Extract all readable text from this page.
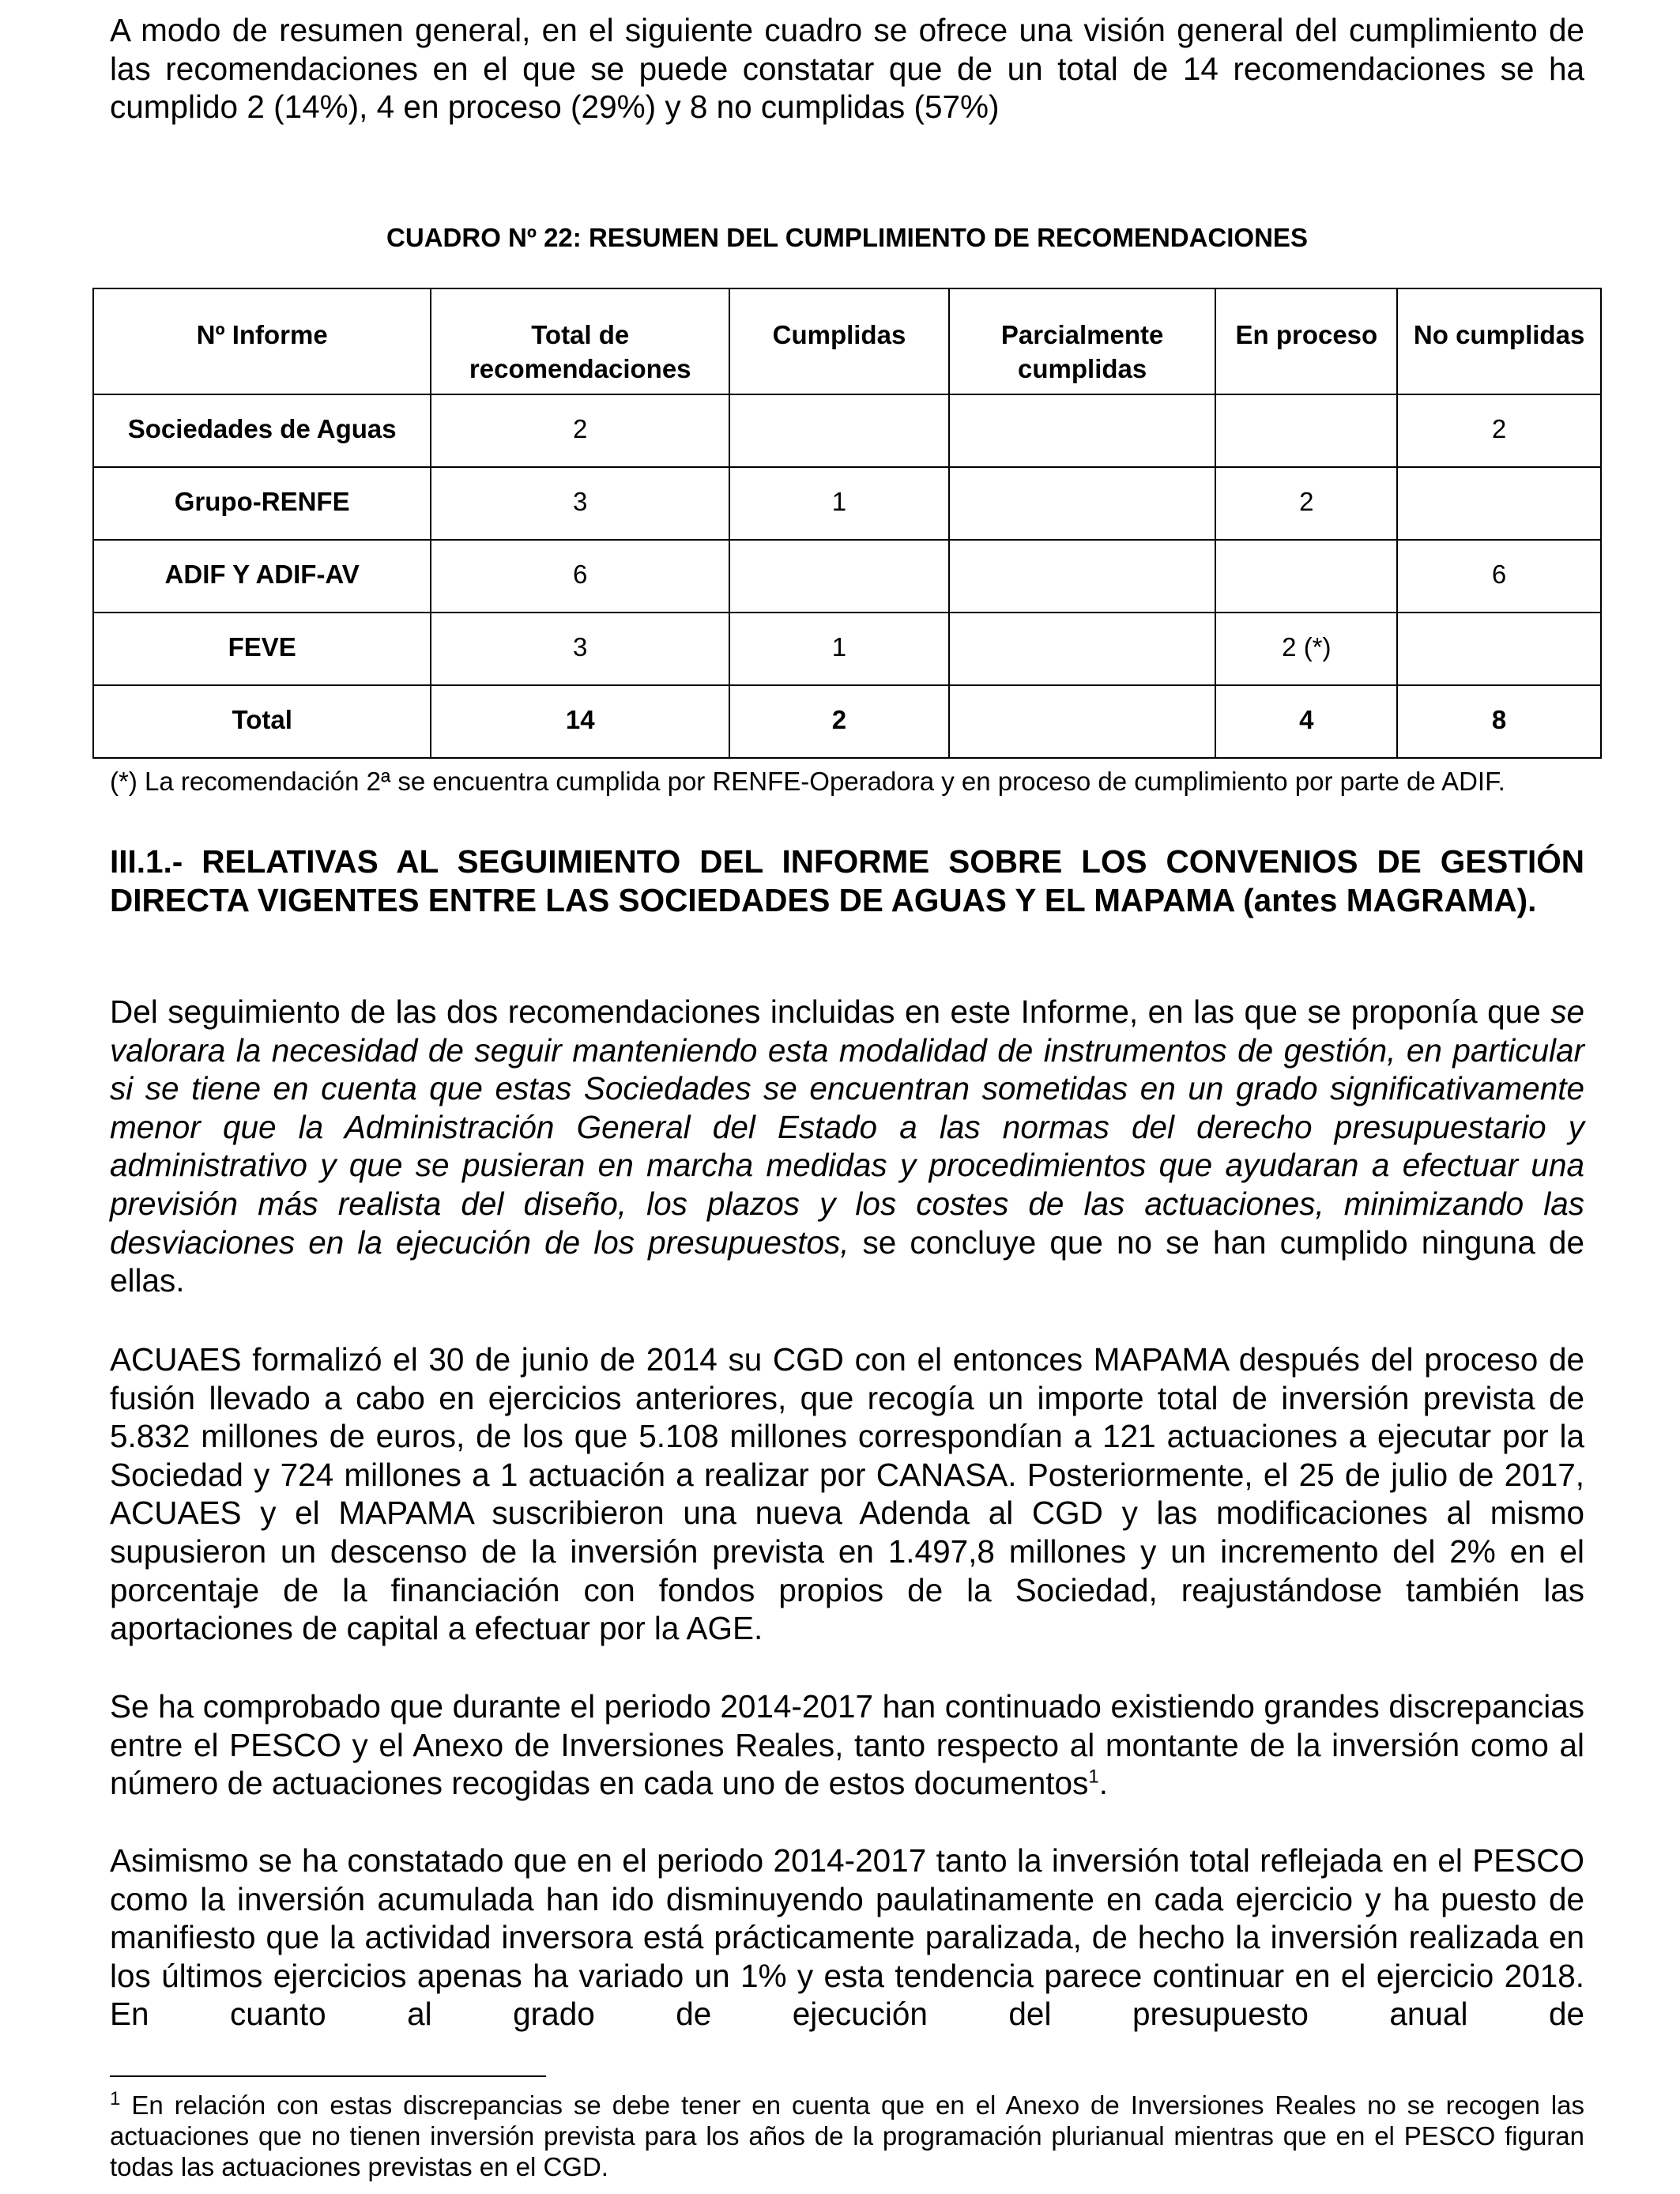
A modo de resumen general, en el siguiente cuadro se ofrece una visión general del cumplimiento de las recomendaciones en el que se puede constatar que de un total de 14 recomendaciones se ha cumplido 2 (14%), 4 en proceso (29%) y 8 no cumplidas (57%)

CUADRO Nº 22: RESUMEN DEL CUMPLIMIENTO DE RECOMENDACIONES

Nº Informe	Total de recomendaciones	Cumplidas	Parcialmente cumplidas	En proceso	No cumplidas
Sociedades de Aguas	2				2
Grupo-RENFE	3	1		2	
ADIF Y ADIF-AV	6				6
FEVE	3	1		2 (*)	
Total	14	2		4	8

(*) La recomendación 2ª se encuentra cumplida por RENFE-Operadora y en proceso de cumplimiento por parte de ADIF.

III.1.- RELATIVAS AL SEGUIMIENTO DEL INFORME SOBRE LOS CONVENIOS DE GESTIÓN DIRECTA VIGENTES ENTRE LAS SOCIEDADES DE AGUAS Y EL MAPAMA (antes MAGRAMA).

Del seguimiento de las dos recomendaciones incluidas en este Informe, en las que se proponía que se valorara la necesidad de seguir manteniendo esta modalidad de instrumentos de gestión, en particular si se tiene en cuenta que estas Sociedades se encuentran sometidas en un grado significativamente menor que la Administración General del Estado a las normas del derecho presupuestario y administrativo y que se pusieran en marcha medidas y procedimientos que ayudaran a efectuar una previsión más realista del diseño, los plazos y los costes de las actuaciones, minimizando las desviaciones en la ejecución de los presupuestos, se concluye que no se han cumplido ninguna de ellas.

ACUAES formalizó el 30 de junio de 2014 su CGD con el entonces MAPAMA después del proceso de fusión llevado a cabo en ejercicios anteriores, que recogía un importe total de inversión prevista de 5.832 millones de euros, de los que 5.108 millones correspondían a 121 actuaciones a ejecutar por la Sociedad y 724 millones a 1 actuación a realizar por CANASA. Posteriormente, el 25 de julio de 2017, ACUAES y el MAPAMA suscribieron una nueva Adenda al CGD y las modificaciones al mismo supusieron un descenso de la inversión prevista en 1.497,8 millones y un incremento del 2% en el porcentaje de la financiación con fondos propios de la Sociedad, reajustándose también las aportaciones de capital a efectuar por la AGE.

Se ha comprobado que durante el periodo 2014-2017 han continuado existiendo grandes discrepancias entre el PESCO y el Anexo de Inversiones Reales, tanto respecto al montante de la inversión como al número de actuaciones recogidas en cada uno de estos documentos$^1$.

Asimismo se ha constatado que en el periodo 2014-2017 tanto la inversión total reflejada en el PESCO como la inversión acumulada han ido disminuyendo paulatinamente en cada ejercicio y ha puesto de manifiesto que la actividad inversora está prácticamente paralizada, de hecho la inversión realizada en los últimos ejercicios apenas ha variado un 1% y esta tendencia parece continuar en el ejercicio 2018. En cuanto al grado de ejecución del presupuesto anual de

$^1$ En relación con estas discrepancias se debe tener en cuenta que en el Anexo de Inversiones Reales no se recogen las actuaciones que no tienen inversión prevista para los años de la programación plurianual mientras que en el PESCO figuran todas las actuaciones previstas en el CGD.
